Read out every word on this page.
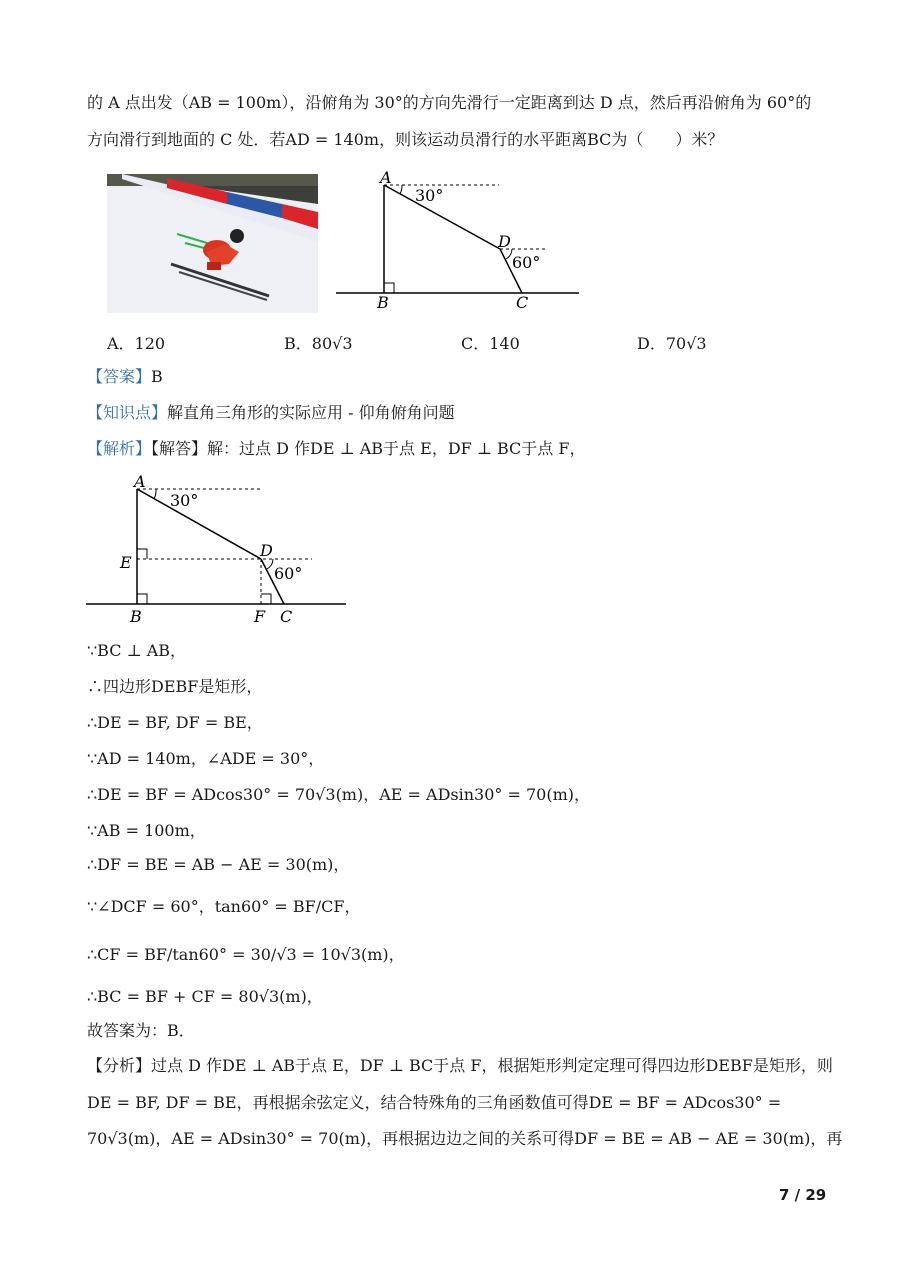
的 A 点出发（AB = 100m），沿俯角为 30°的方向先滑行一定距离到达 D 点，然后再沿俯角为 60°的
方向滑行到地面的 C 处．若AD = 140m，则该运动员滑行的水平距离BC为（　　）米？
A
B	C
D
30°
60°
A．120	B．80√3	C．140	D．70√3
【答案】B
【知识点】解直角三角形的实际应用 - 仰角俯角问题
【解析】【解答】解：过点 D 作DE ⊥ AB于点 E，DF ⊥ BC于点 F，
A
B	C
D
E
F
30°
60°
∵BC ⊥ AB，
∴四边形DEBF是矩形，
∴DE = BF, DF = BE，
∵AD = 140m，∠ADE = 30°，
∴DE = BF = ADcos30° = 70√3(m)，AE = ADsin30° = 70(m)，
∵AB = 100m，
∴DF = BE = AB − AE = 30(m)，
∵∠DCF = 60°，tan60° = BF/CF，
∴CF = BF/tan60° = 30/√3 = 10√3(m)，
∴BC = BF + CF = 80√3(m)，
故答案为：B．
【分析】过点 D 作DE ⊥ AB于点 E，DF ⊥ BC于点 F，根据矩形判定定理可得四边形DEBF是矩形，则
DE = BF, DF = BE，再根据余弦定义，结合特殊角的三角函数值可得DE = BF = ADcos30° =
70√3(m)，AE = ADsin30° = 70(m)，再根据边边之间的关系可得DF = BE = AB − AE = 30(m)，再
7 / 29
